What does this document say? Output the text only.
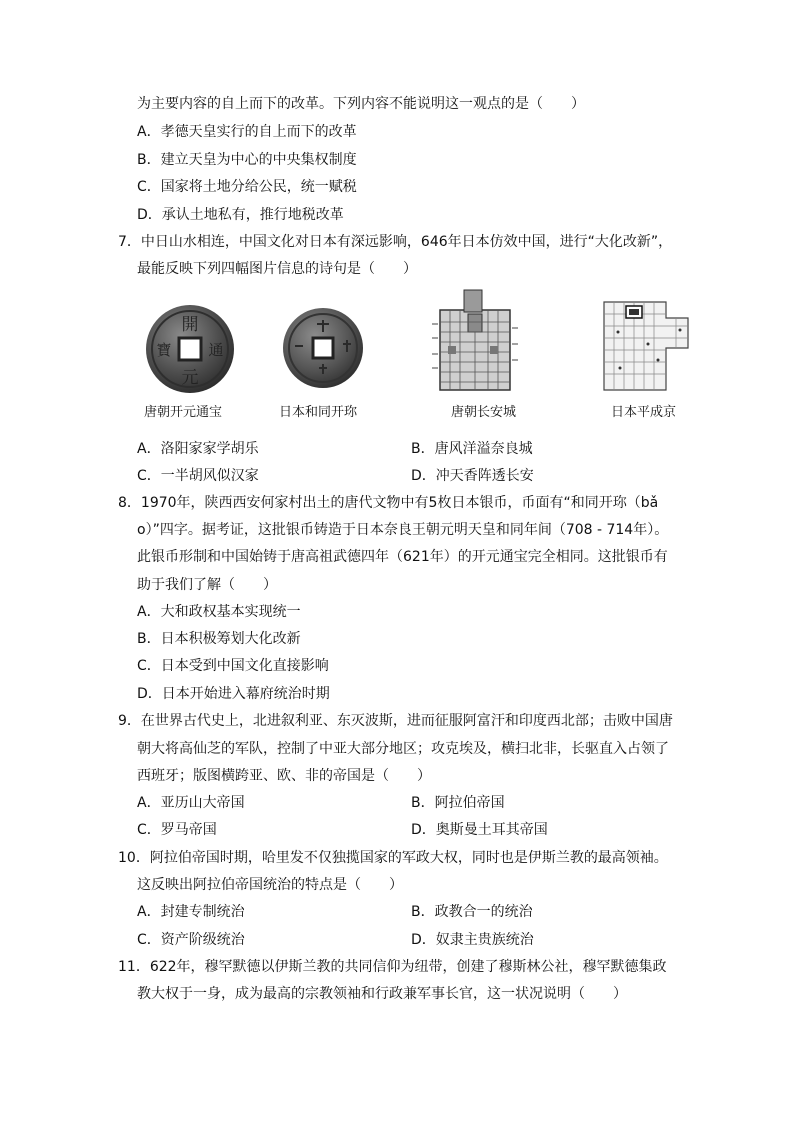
为主要内容的自上而下的改革。下列内容不能说明这一观点的是（　　）
A．孝德天皇实行的自上而下的改革
B．建立天皇为中心的中央集权制度
C．国家将土地分给公民，统一赋税
D．承认土地私有，推行地税改革
7．中日山水相连，中国文化对日本有深远影响，646年日本仿效中国，进行“大化改新”，
最能反映下列四幅图片信息的诗句是（　　）
開
元
通
寶
唐朝开元通宝	日本和同开珎	唐朝长安城	日本平成京
A．洛阳家家学胡乐	B．唐风洋溢奈良城
C．一半胡风似汉家	D．冲天香阵透长安
8．1970年，陕西西安何家村出土的唐代文物中有5枚日本银币，币面有“和同开珎（bǎ
o）”四字。据考证，这批银币铸造于日本奈良王朝元明天皇和同年间（708 - 714年）。
此银币形制和中国始铸于唐高祖武德四年（621年）的开元通宝完全相同。这批银币有
助于我们了解（　　）
A．大和政权基本实现统一
B．日本积极筹划大化改新
C．日本受到中国文化直接影响
D．日本开始进入幕府统治时期
9．在世界古代史上，北进叙利亚、东灭波斯，进而征服阿富汗和印度西北部；击败中国唐
朝大将高仙芝的军队，控制了中亚大部分地区；攻克埃及，横扫北非，长驱直入占领了
西班牙；版图横跨亚、欧、非的帝国是（　　）
A．亚历山大帝国	B．阿拉伯帝国
C．罗马帝国	D．奥斯曼土耳其帝国
10．阿拉伯帝国时期，哈里发不仅独揽国家的军政大权，同时也是伊斯兰教的最高领袖。
这反映出阿拉伯帝国统治的特点是（　　）
A．封建专制统治	B．政教合一的统治
C．资产阶级统治	D．奴隶主贵族统治
11．622年，穆罕默德以伊斯兰教的共同信仰为纽带，创建了穆斯林公社，穆罕默德集政
教大权于一身，成为最高的宗教领袖和行政兼军事长官，这一状况说明（　　）
